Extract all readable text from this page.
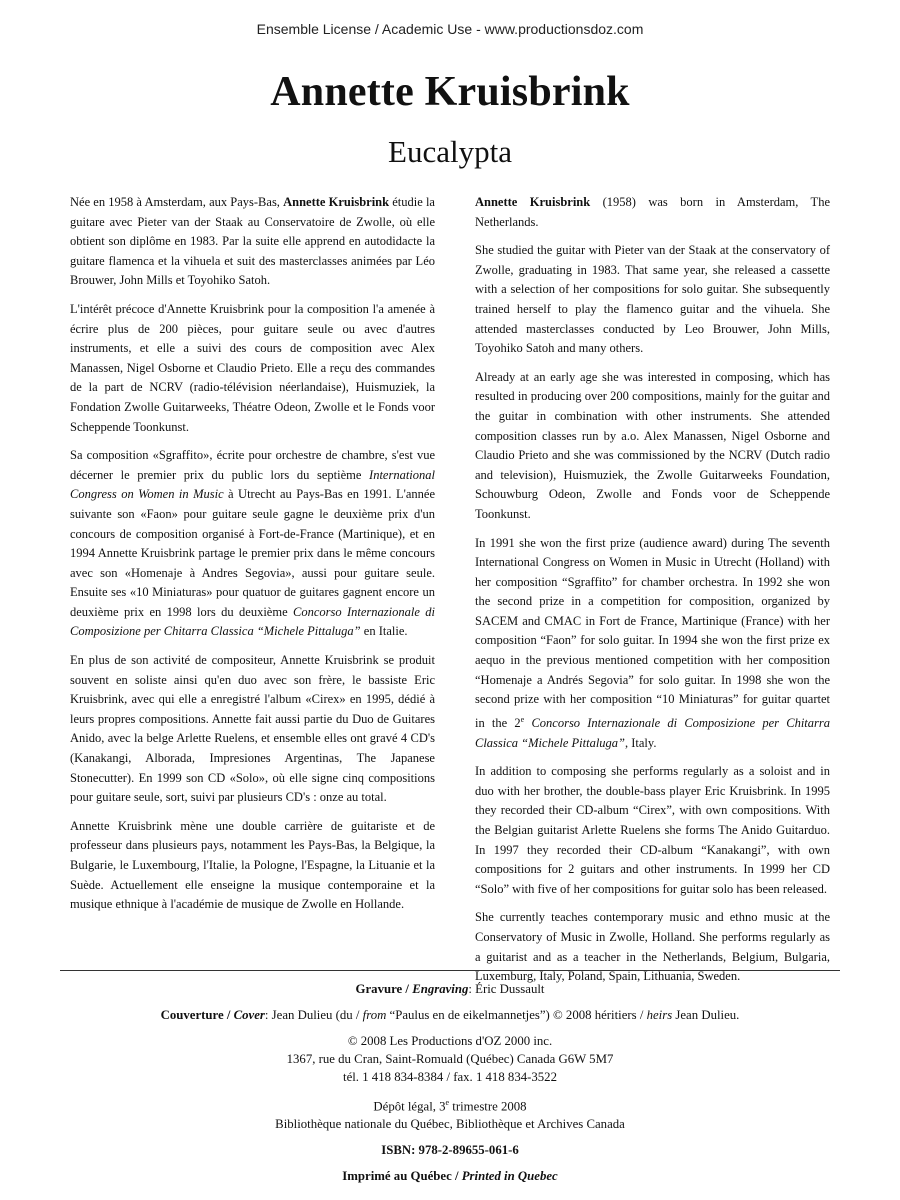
Ensemble License / Academic Use - www.productionsdoz.com
Annette Kruisbrink
Eucalypta

Née en 1958 à Amsterdam, aux Pays-Bas, Annette Kruisbrink étudie la guitare avec Pieter van der Staak au Conservatoire de Zwolle, où elle obtient son diplôme en 1983. Par la suite elle apprend en autodidacte la guitare flamenca et la vihuela et suit des masterclasses animées par Léo Brouwer, John Mills et Toyohiko Satoh.

L'intérêt précoce d'Annette Kruisbrink pour la composition l'a amenée à écrire plus de 200 pièces, pour guitare seule ou avec d'autres instruments, et elle a suivi des cours de composition avec Alex Manassen, Nigel Osborne et Claudio Prieto. Elle a reçu des commandes de la part de NCRV (radio-télévision néerlandaise), Huismuziek, la Fondation Zwolle Guitarweeks, Théatre Odeon, Zwolle et le Fonds voor Scheppende Toonkunst.

Sa composition «Sgraffito», écrite pour orchestre de chambre, s'est vue décerner le premier prix du public lors du septième International Congress on Women in Music à Utrecht au Pays-Bas en 1991. L'année suivante son «Faon» pour guitare seule gagne le deuxième prix d'un concours de composition organisé à Fort-de-France (Martinique), et en 1994 Annette Kruisbrink partage le premier prix dans le même concours avec son «Homenaje à Andres Segovia», aussi pour guitare seule. Ensuite ses «10 Miniaturas» pour quatuor de guitares gagnent encore un deuxième prix en 1998 lors du deuxième Concorso Internazionale di Composizione per Chitarra Classica “Michele Pittaluga” en Italie.

En plus de son activité de compositeur, Annette Kruisbrink se produit souvent en soliste ainsi qu'en duo avec son frère, le bassiste Eric Kruisbrink, avec qui elle a enregistré l'album «Cirex» en 1995, dédié à leurs propres compositions. Annette fait aussi partie du Duo de Guitares Anido, avec la belge Arlette Ruelens, et ensemble elles ont gravé 4 CD's (Kanakangi, Alborada, Impresiones Argentinas, The Japanese Stonecutter). En 1999 son CD «Solo», où elle signe cinq compositions pour guitare seule, sort, suivi par plusieurs CD's : onze au total.

Annette Kruisbrink mène une double carrière de guitariste et de professeur dans plusieurs pays, notamment les Pays-Bas, la Belgique, la Bulgarie, le Luxembourg, l'Italie, la Pologne, l'Espagne, la Lituanie et la Suède. Actuellement elle enseigne la musique contemporaine et la musique ethnique à l'académie de musique de Zwolle en Hollande.

Annette Kruisbrink (1958) was born in Amsterdam, The Netherlands.

She studied the guitar with Pieter van der Staak at the conservatory of Zwolle, graduating in 1983. That same year, she released a cassette with a selection of her compositions for solo guitar. She subsequently trained herself to play the flamenco guitar and the vihuela. She attended masterclasses conducted by Leo Brouwer, John Mills, Toyohiko Satoh and many others.

Already at an early age she was interested in composing, which has resulted in producing over 200 compositions, mainly for the guitar and the guitar in combination with other instruments. She attended composition classes run by a.o. Alex Manassen, Nigel Osborne and Claudio Prieto and she was commissioned by the NCRV (Dutch radio and television), Huismuziek, the Zwolle Guitarweeks Foundation, Schouwburg Odeon, Zwolle and Fonds voor de Scheppende Toonkunst.

In 1991 she won the first prize (audience award) during The seventh International Congress on Women in Music in Utrecht (Holland) with her composition “Sgraffito” for chamber orchestra. In 1992 she won the second prize in a competition for composition, organized by SACEM and CMAC in Fort de France, Martinique (France) with her composition “Faon” for solo guitar. In 1994 she won the first prize ex aequo in the previous mentioned competition with her composition “Homenaje a Andrés Segovia” for solo guitar. In 1998 she won the second prize with her composition “10 Miniaturas” for guitar quartet in the 2e Concorso Internazionale di Composizione per Chitarra Classica “Michele Pittaluga”, Italy.

In addition to composing she performs regularly as a soloist and in duo with her brother, the double-bass player Eric Kruisbrink. In 1995 they recorded their CD-album “Cirex”, with own compositions. With the Belgian guitarist Arlette Ruelens she forms The Anido Guitarduo. In 1997 they recorded their CD-album “Kanakangi”, with own compositions for 2 guitars and other instruments. In 1999 her CD “Solo” with five of her compositions for guitar solo has been released.

She currently teaches contemporary music and ethno music at the Conservatory of Music in Zwolle, Holland. She performs regularly as a guitarist and as a teacher in the Netherlands, Belgium, Bulgaria, Luxemburg, Italy, Poland, Spain, Lithuania, Sweden.

Gravure / Engraving: Éric Dussault
Couverture / Cover: Jean Dulieu (du / from “Paulus en de eikelmannetjes”) © 2008 héritiers / heirs Jean Dulieu.
© 2008 Les Productions d'OZ 2000 inc.
1367, rue du Cran, Saint-Romuald (Québec) Canada G6W 5M7
tél. 1 418 834-8384 / fax. 1 418 834-3522
Dépôt légal, 3e trimestre 2008
Bibliothèque nationale du Québec, Bibliothèque et Archives Canada
ISBN: 978-2-89655-061-6
Imprimé au Québec / Printed in Quebec
